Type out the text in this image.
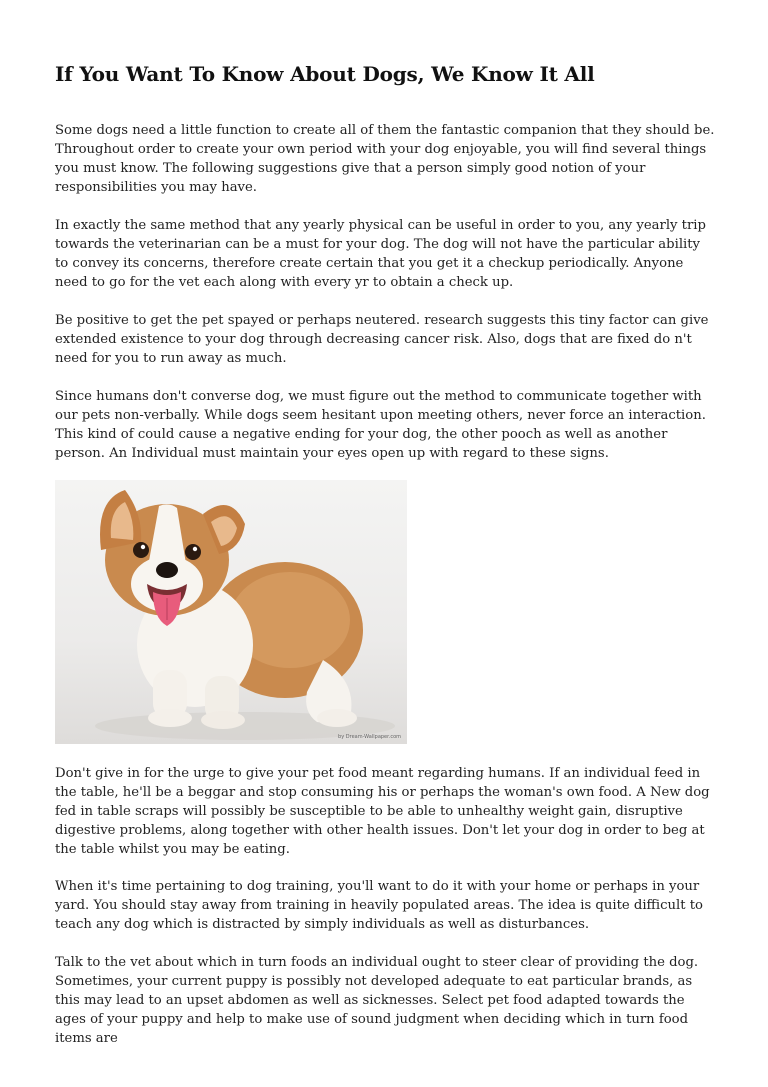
If You Want To Know About Dogs, We Know It All

Some dogs need a little function to create all of them the fantastic companion that they should be. Throughout order to create your own period with your dog enjoyable, you will find several things you must know. The following suggestions give that a person simply good notion of your responsibilities you may have.

In exactly the same method that any yearly physical can be useful in order to you, any yearly trip towards the veterinarian can be a must for your dog. The dog will not have the particular ability to convey its concerns, therefore create certain that you get it a checkup periodically. Anyone need to go for the vet each along with every yr to obtain a check up.

Be positive to get the pet spayed or perhaps neutered. research suggests this tiny factor can give extended existence to your dog through decreasing cancer risk. Also, dogs that are fixed do n't need for you to run away as much.

Since humans don't converse dog, we must figure out the method to communicate together with our pets non-verbally. While dogs seem hesitant upon meeting others, never force an interaction. This kind of could cause a negative ending for your dog, the other pooch as well as another person. An Individual must maintain your eyes open up with regard to these signs.

by Dream-Wallpaper.com

Don't give in for the urge to give your pet food meant regarding humans. If an individual feed in the table, he'll be a beggar and stop consuming his or perhaps the woman's own food. A New dog fed in table scraps will possibly be susceptible to be able to unhealthy weight gain, disruptive digestive problems, along together with other health issues. Don't let your dog in order to beg at the table whilst you may be eating.

When it's time pertaining to dog training, you'll want to do it with your home or perhaps in your yard. You should stay away from training in heavily populated areas. The idea is quite difficult to teach any dog which is distracted by simply individuals as well as disturbances.

Talk to the vet about which in turn foods an individual ought to steer clear of providing the dog. Sometimes, your current puppy is possibly not developed adequate to eat particular brands, as this may lead to an upset abdomen as well as sicknesses. Select pet food adapted towards the ages of your puppy and help to make use of sound judgment when deciding which in turn food items are
